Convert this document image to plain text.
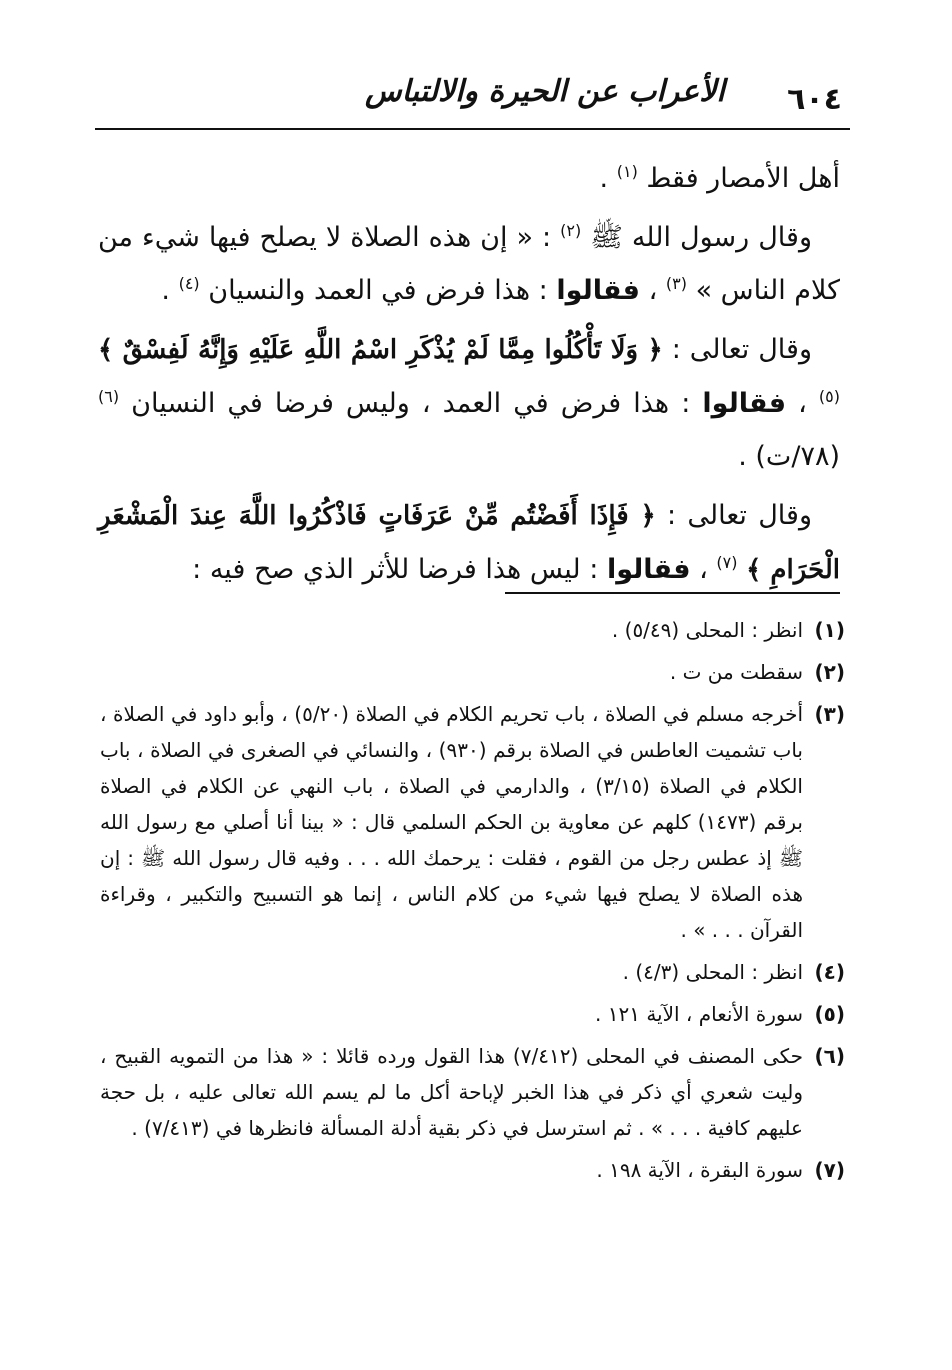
٦٠٤
الأعراب عن الحيرة والالتباس

أهل الأمصار فقط $^{(١)}$ .

وقال رسول الله ﷺ $^{(٢)}$ : « إن هذه الصلاة لا يصلح فيها شيء من كلام الناس » $^{(٣)}$ ، فقالوا : هذا فرض في العمد والنسيان $^{(٤)}$ .

وقال تعالى : ﴿ وَلَا تَأْكُلُوا مِمَّا لَمْ يُذْكَرِ اسْمُ اللَّهِ عَلَيْهِ وَإِنَّهُ لَفِسْقٌ ﴾ $^{(٥)}$ ، فقالوا : هذا فرض في العمد ، وليس فرضا في النسيان $^{(٦)}$ (٧٨/ت) .

وقال تعالى : ﴿ فَإِذَا أَفَضْتُم مِّنْ عَرَفَاتٍ فَاذْكُرُوا اللَّهَ عِندَ الْمَشْعَرِ الْحَرَامِ ﴾ $^{(٧)}$ ، فقالوا : ليس هذا فرضا للأثر الذي صح فيه :

(١)
انظر : المحلى (٥/٤٩) .
(٢)
سقطت من ت .
(٣)
أخرجه مسلم في الصلاة ، باب تحريم الكلام في الصلاة (٥/٢٠) ، وأبو داود في الصلاة ، باب تشميت العاطس في الصلاة برقم (٩٣٠) ، والنسائي في الصغرى في الصلاة ، باب الكلام في الصلاة (٣/١٥) ، والدارمي في الصلاة ، باب النهي عن الكلام في الصلاة برقم (١٤٧٣) كلهم عن معاوية بن الحكم السلمي قال : « بينا أنا أصلي مع رسول الله ﷺ إذ عطس رجل من القوم ، فقلت : يرحمك الله . . . وفيه قال رسول الله ﷺ : إن هذه الصلاة لا يصلح فيها شيء من كلام الناس ، إنما هو التسبيح والتكبير ، وقراءة القرآن . . . » .
(٤)
انظر : المحلى (٤/٣) .
(٥)
سورة الأنعام ، الآية ١٢١ .
(٦)
حكى المصنف في المحلى (٧/٤١٢) هذا القول ورده قائلا : « هذا من التمويه القبيح ، وليت شعري أي ذكر في هذا الخبر لإباحة أكل ما لم يسم الله تعالى عليه ، بل حجة عليهم كافية . . . » . ثم استرسل في ذكر بقية أدلة المسألة فانظرها في (٧/٤١٣) .
(٧)
سورة البقرة ، الآية ١٩٨ .
